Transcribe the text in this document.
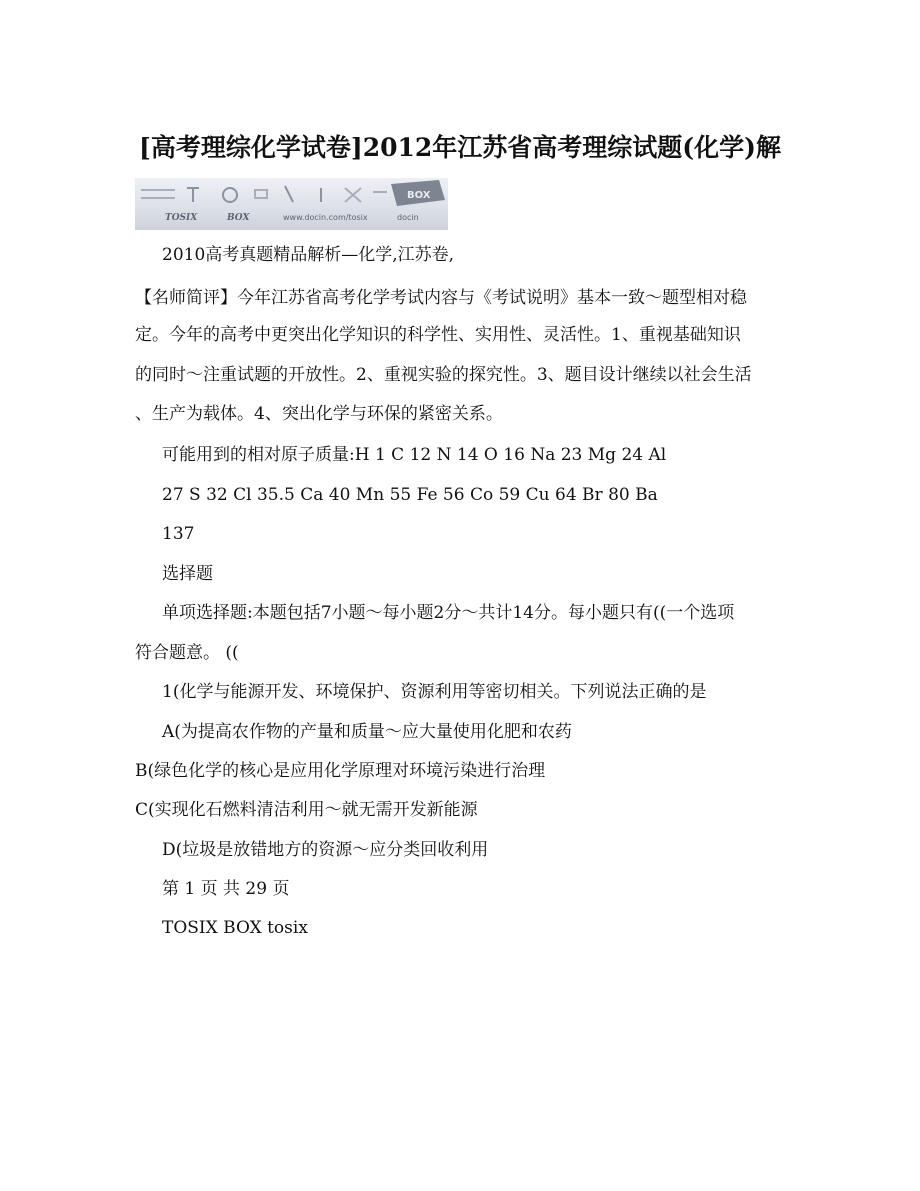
[高考理综化学试卷]2012年江苏省高考理综试题(化学)解
BOX
TOSIX	BOX	www.docin.com/tosix	docin
2010高考真题精品解析—化学,江苏卷,
【名师简评】今年江苏省高考化学考试内容与《考试说明》基本一致～题型相对稳
定。今年的高考中更突出化学知识的科学性、实用性、灵活性。1、重视基础知识
的同时～注重试题的开放性。2、重视实验的探究性。3、题目设计继续以社会生活
、生产为载体。4、突出化学与环保的紧密关系。
可能用到的相对原子质量:H 1 C 12 N 14 O 16 Na 23 Mg 24 Al
27 S 32 Cl 35.5 Ca 40 Mn 55 Fe 56 Co 59 Cu 64 Br 80 Ba
137
选择题
单项选择题:本题包括7小题～每小题2分～共计14分。每小题只有((一个选项
符合题意。 ((
1(化学与能源开发、环境保护、资源利用等密切相关。下列说法正确的是
A(为提高农作物的产量和质量～应大量使用化肥和农药
B(绿色化学的核心是应用化学原理对环境污染进行治理
C(实现化石燃料清洁利用～就无需开发新能源
D(垃圾是放错地方的资源～应分类回收利用
第 1 页 共 29 页
TOSIX BOX tosix
